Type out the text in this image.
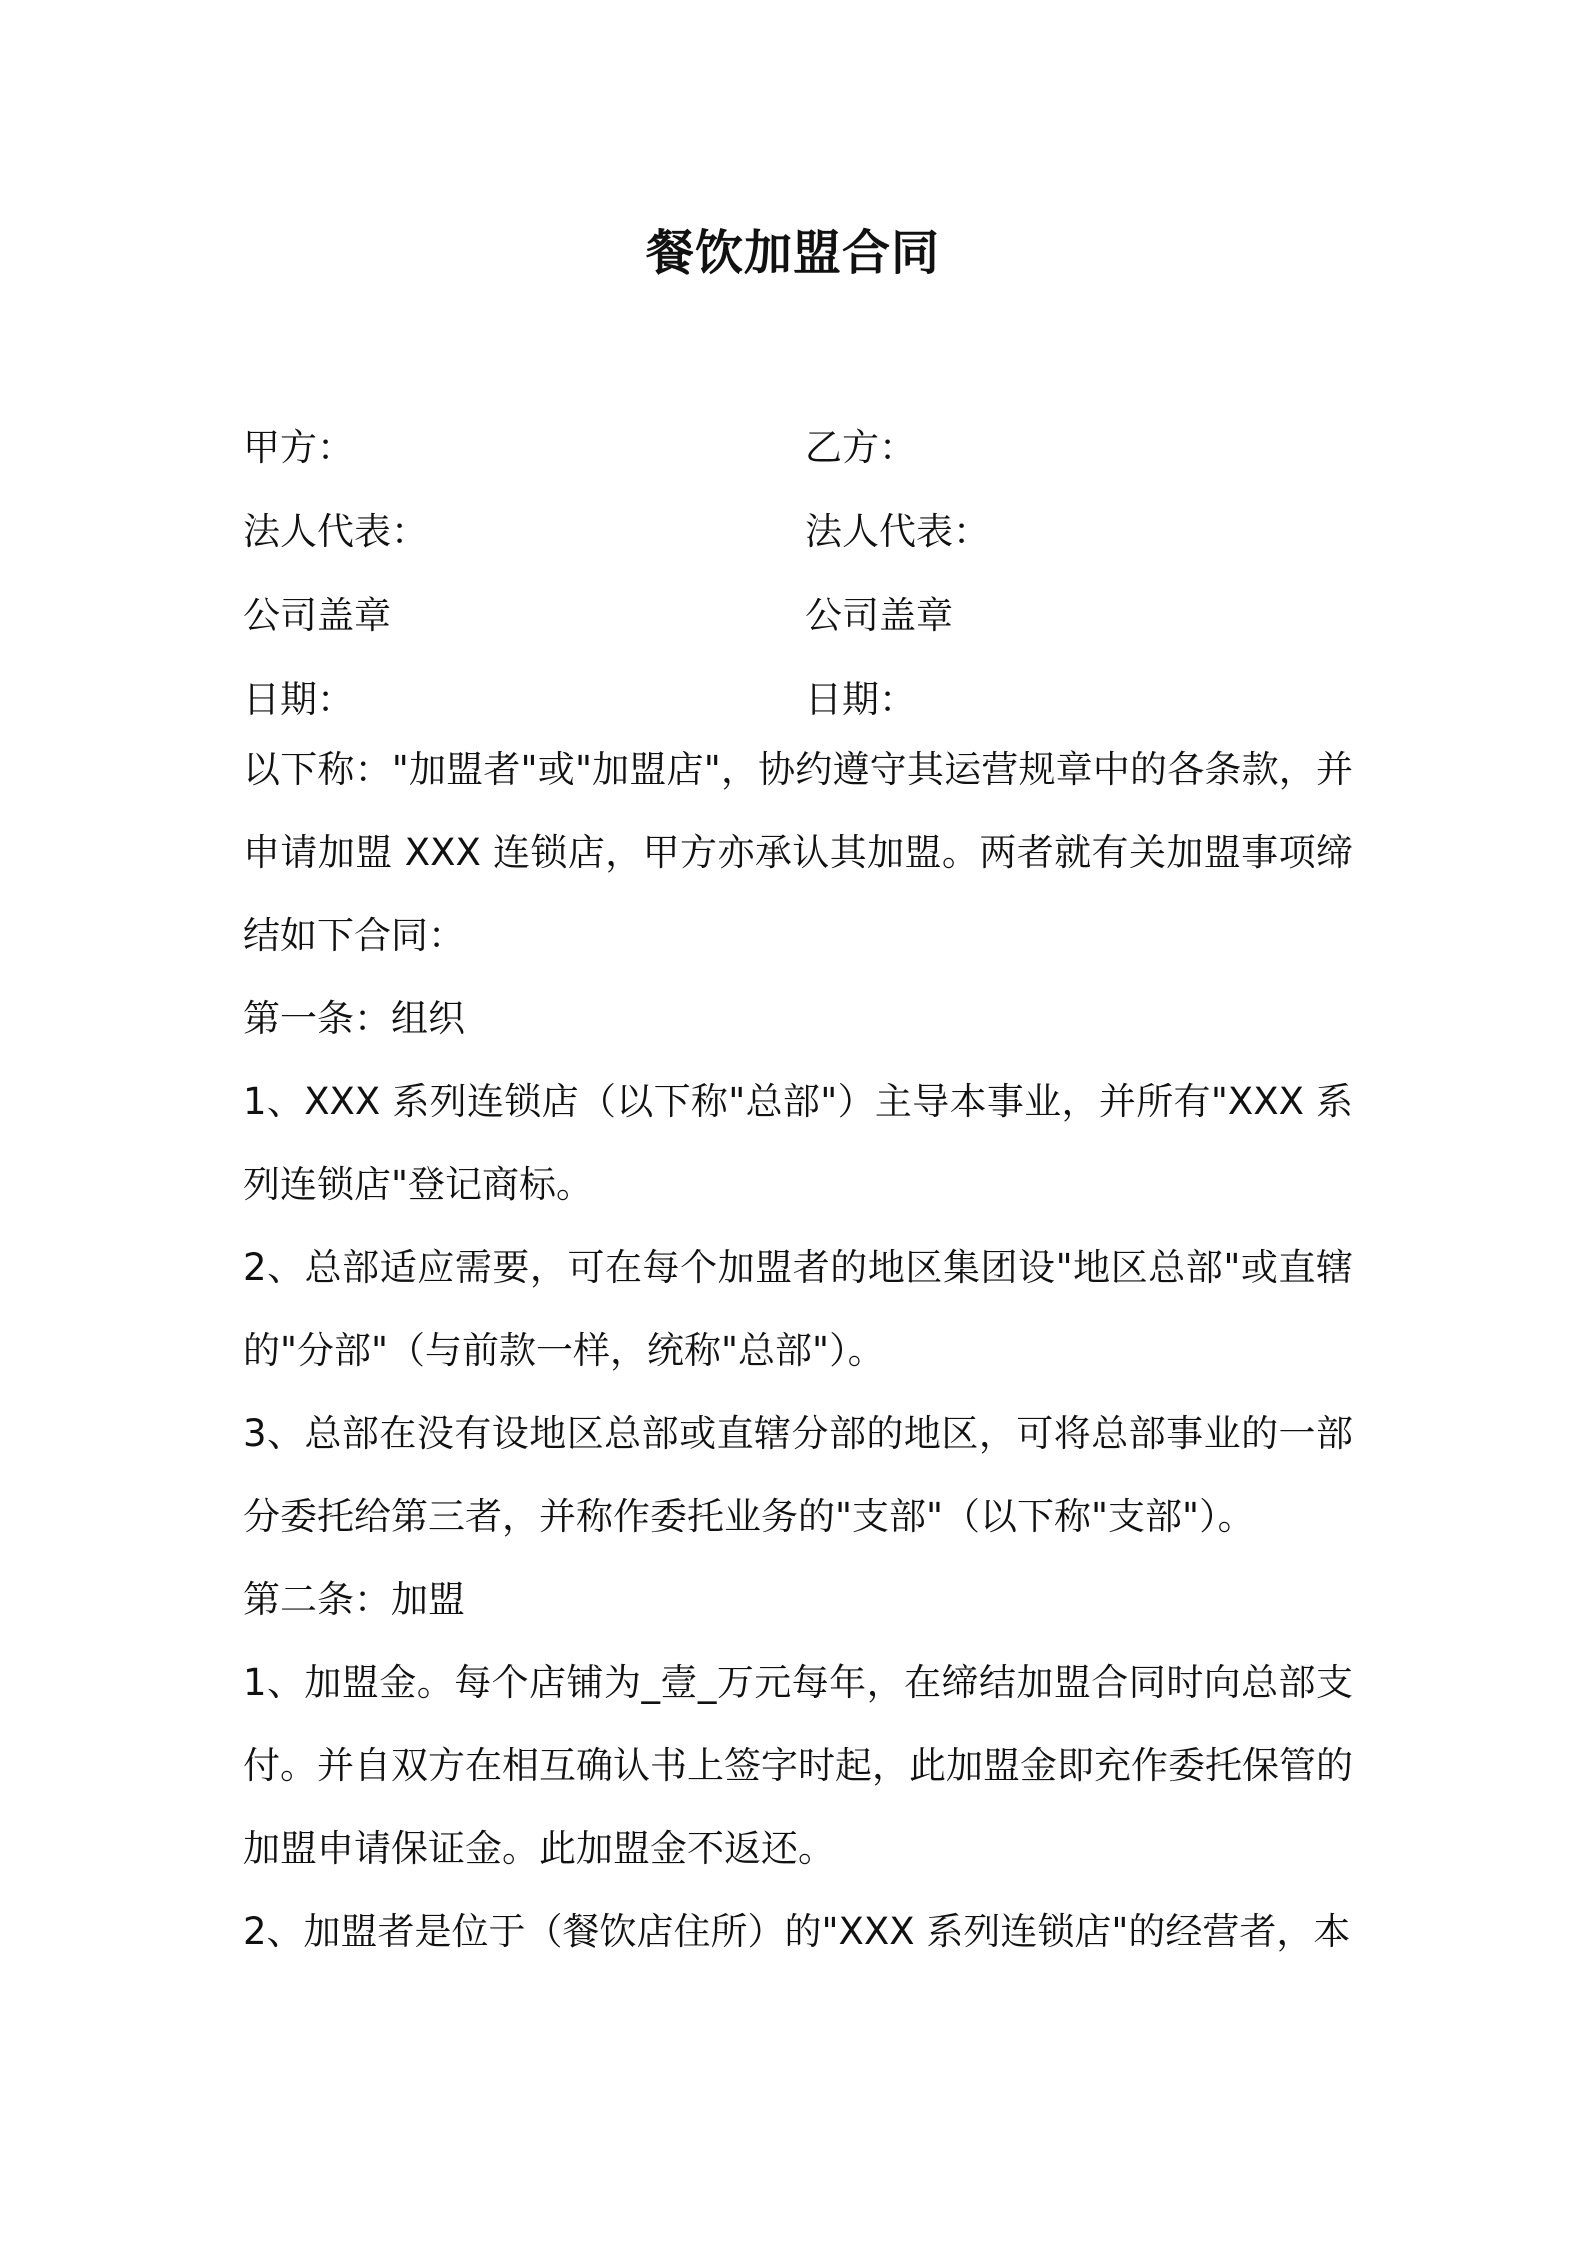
餐饮加盟合同
甲方：
法人代表：
公司盖章
日期：
乙方：
法人代表：
公司盖章
日期：

以下称："加盟者"或"加盟店"，协约遵守其运营规章中的各条款，并申请加盟 XXX 连锁店，甲方亦承认其加盟。两者就有关加盟事项缔结如下合同：

第一条：组织

1、XXX 系列连锁店（以下称"总部"）主导本事业，并所有"XXX 系列连锁店"登记商标。

2、总部适应需要，可在每个加盟者的地区集团设"地区总部"或直辖的"分部"（与前款一样，统称"总部"）。

3、总部在没有设地区总部或直辖分部的地区，可将总部事业的一部分委托给第三者，并称作委托业务的"支部"（以下称"支部"）。

第二条：加盟

1、加盟金。每个店铺为_壹_万元每年，在缔结加盟合同时向总部支付。并自双方在相互确认书上签字时起，此加盟金即充作委托保管的加盟申请保证金。此加盟金不返还。

2、加盟者是位于（餐饮店住所）的"XXX 系列连锁店"的经营者，本
